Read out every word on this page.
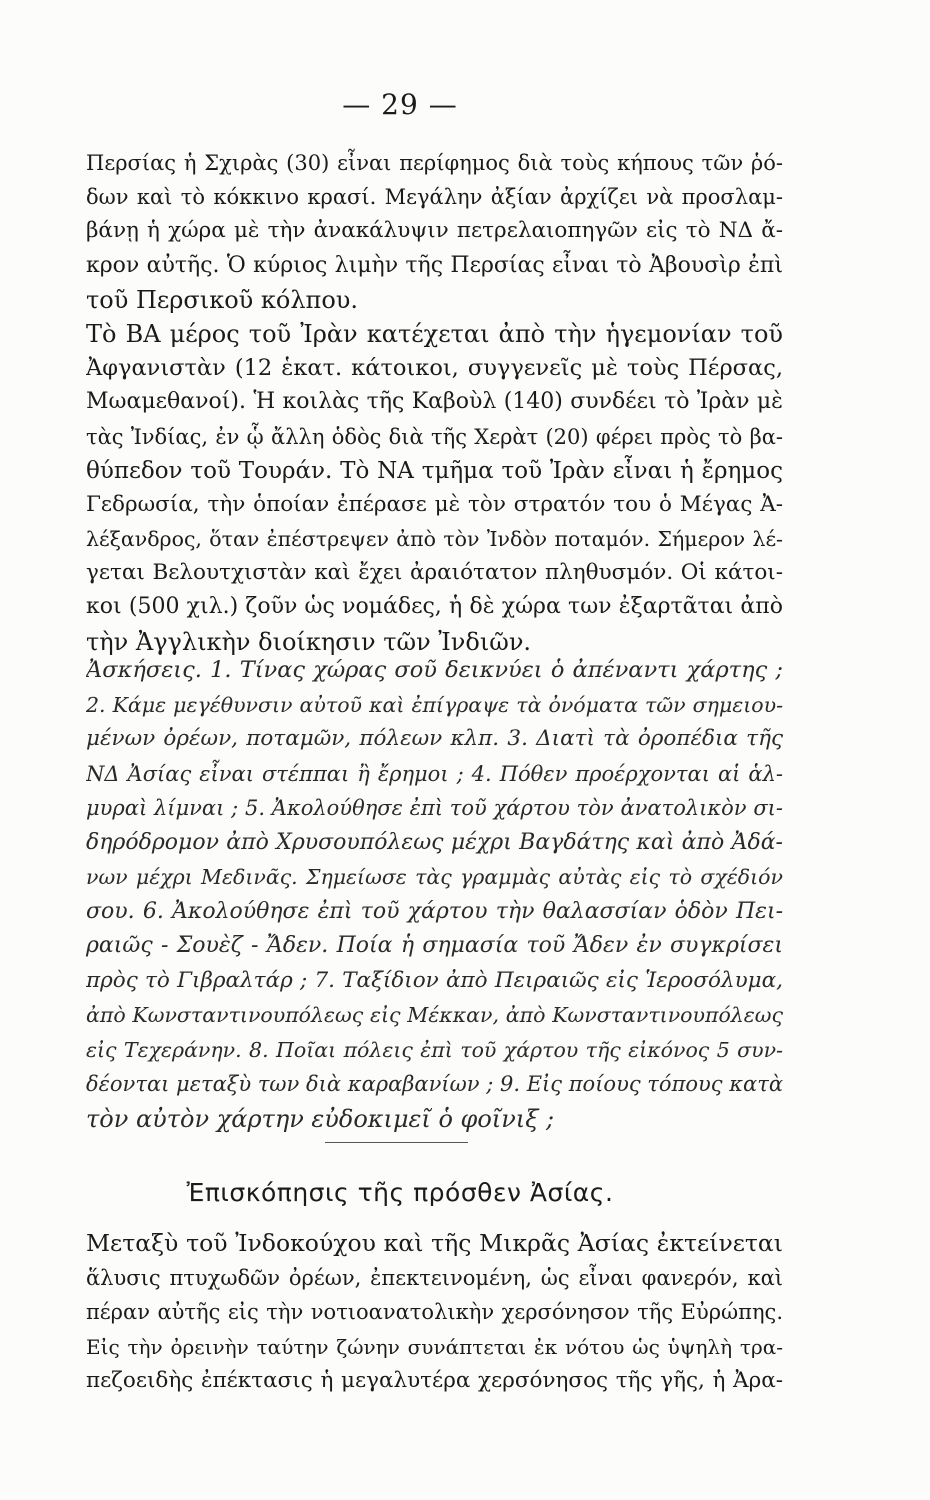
— 29 —
Περσίας ἡ Σχιρὰς (30) εἶναι περίφημος διὰ τοὺς κήπους τῶν ῥό-
δων καὶ τὸ κόκκινο κρασί. Μεγάλην ἀξίαν ἀρχίζει νὰ προσλαμ-
βάνῃ ἡ χώρα μὲ τὴν ἀνακάλυψιν πετρελαιοπηγῶν εἰς τὸ ΝΔ ἄ-
κρον αὐτῆς. Ὁ κύριος λιμὴν τῆς Περσίας εἶναι τὸ Ἀβουσὶρ ἐπὶ
τοῦ Περσικοῦ κόλπου.
Τὸ ΒΑ μέρος τοῦ Ἰρὰν κατέχεται ἀπὸ τὴν ἡγεμονίαν τοῦ
Ἀφγανιστὰν (12 ἑκατ. κάτοικοι, συγγενεῖς μὲ τοὺς Πέρσας,
Μωαμεθανοί). Ἡ κοιλὰς τῆς Καβοὺλ (140) συνδέει τὸ Ἰρὰν μὲ
τὰς Ἰνδίας, ἐν ᾧ ἄλλη ὁδὸς διὰ τῆς Χερὰτ (20) φέρει πρὸς τὸ βα-
θύπεδον τοῦ Τουράν. Τὸ ΝΑ τμῆμα τοῦ Ἰρὰν εἶναι ἡ ἔρημος
Γεδρωσία, τὴν ὁποίαν ἐπέρασε μὲ τὸν στρατόν του ὁ Μέγας Ἀ-
λέξανδρος, ὅταν ἐπέστρεψεν ἀπὸ τὸν Ἰνδὸν ποταμόν. Σήμερον λέ-
γεται Βελουτχιστὰν καὶ ἔχει ἀραιότατον πληθυσμόν. Οἱ κάτοι-
κοι (500 χιλ.) ζοῦν ὡς νομάδες, ἡ δὲ χώρα των ἐξαρτᾶται ἀπὸ
τὴν Ἀγγλικὴν διοίκησιν τῶν Ἰνδιῶν.
Ἀσκήσεις. 1. Τίνας χώρας σοῦ δεικνύει ὁ ἀπέναντι χάρτης ;
2. Κάμε μεγέθυνσιν αὐτοῦ καὶ ἐπίγραψε τὰ ὀνόματα τῶν σημειου-
μένων ὀρέων, ποταμῶν, πόλεων κλπ. 3. Διατὶ τὰ ὀροπέδια τῆς
ΝΔ Ἀσίας εἶναι στέππαι ἢ ἔρημοι ; 4. Πόθεν προέρχονται αἱ ἁλ-
μυραὶ λίμναι ; 5. Ἀκολούθησε ἐπὶ τοῦ χάρτου τὸν ἀνατολικὸν σι-
δηρόδρομον ἀπὸ Χρυσουπόλεως μέχρι Βαγδάτης καὶ ἀπὸ Ἀδά-
νων μέχρι Μεδινᾶς. Σημείωσε τὰς γραμμὰς αὐτὰς εἰς τὸ σχέδιόν
σου. 6. Ἀκολούθησε ἐπὶ τοῦ χάρτου τὴν θαλασσίαν ὁδὸν Πει-
ραιῶς - Σουὲζ - Ἄδεν. Ποία ἡ σημασία τοῦ Ἄδεν ἐν συγκρίσει
πρὸς τὸ Γιβραλτάρ ; 7. Ταξίδιον ἀπὸ Πειραιῶς εἰς Ἱεροσόλυμα,
ἀπὸ Κωνσταντινουπόλεως εἰς Μέκκαν, ἀπὸ Κωνσταντινουπόλεως
εἰς Τεχεράνην. 8. Ποῖαι πόλεις ἐπὶ τοῦ χάρτου τῆς εἰκόνος 5 συν-
δέονται μεταξὺ των διὰ καραβανίων ; 9. Εἰς ποίους τόπους κατὰ
τὸν αὐτὸν χάρτην εὐδοκιμεῖ ὁ φοῖνιξ ;
Ἐπισκόπησις τῆς πρόσθεν Ἀσίας.
Μεταξὺ τοῦ Ἰνδοκούχου καὶ τῆς Μικρᾶς Ἀσίας ἐκτείνεται
ἅλυσις πτυχωδῶν ὀρέων, ἐπεκτεινομένη, ὡς εἶναι φανερόν, καὶ
πέραν αὐτῆς εἰς τὴν νοτιοανατολικὴν χερσόνησον τῆς Εὐρώπης.
Εἰς τὴν ὀρεινὴν ταύτην ζώνην συνάπτεται ἐκ νότου ὡς ὑψηλὴ τρα-
πεζοειδὴς ἐπέκτασις ἡ μεγαλυτέρα χερσόνησος τῆς γῆς, ἡ Ἀρα-
